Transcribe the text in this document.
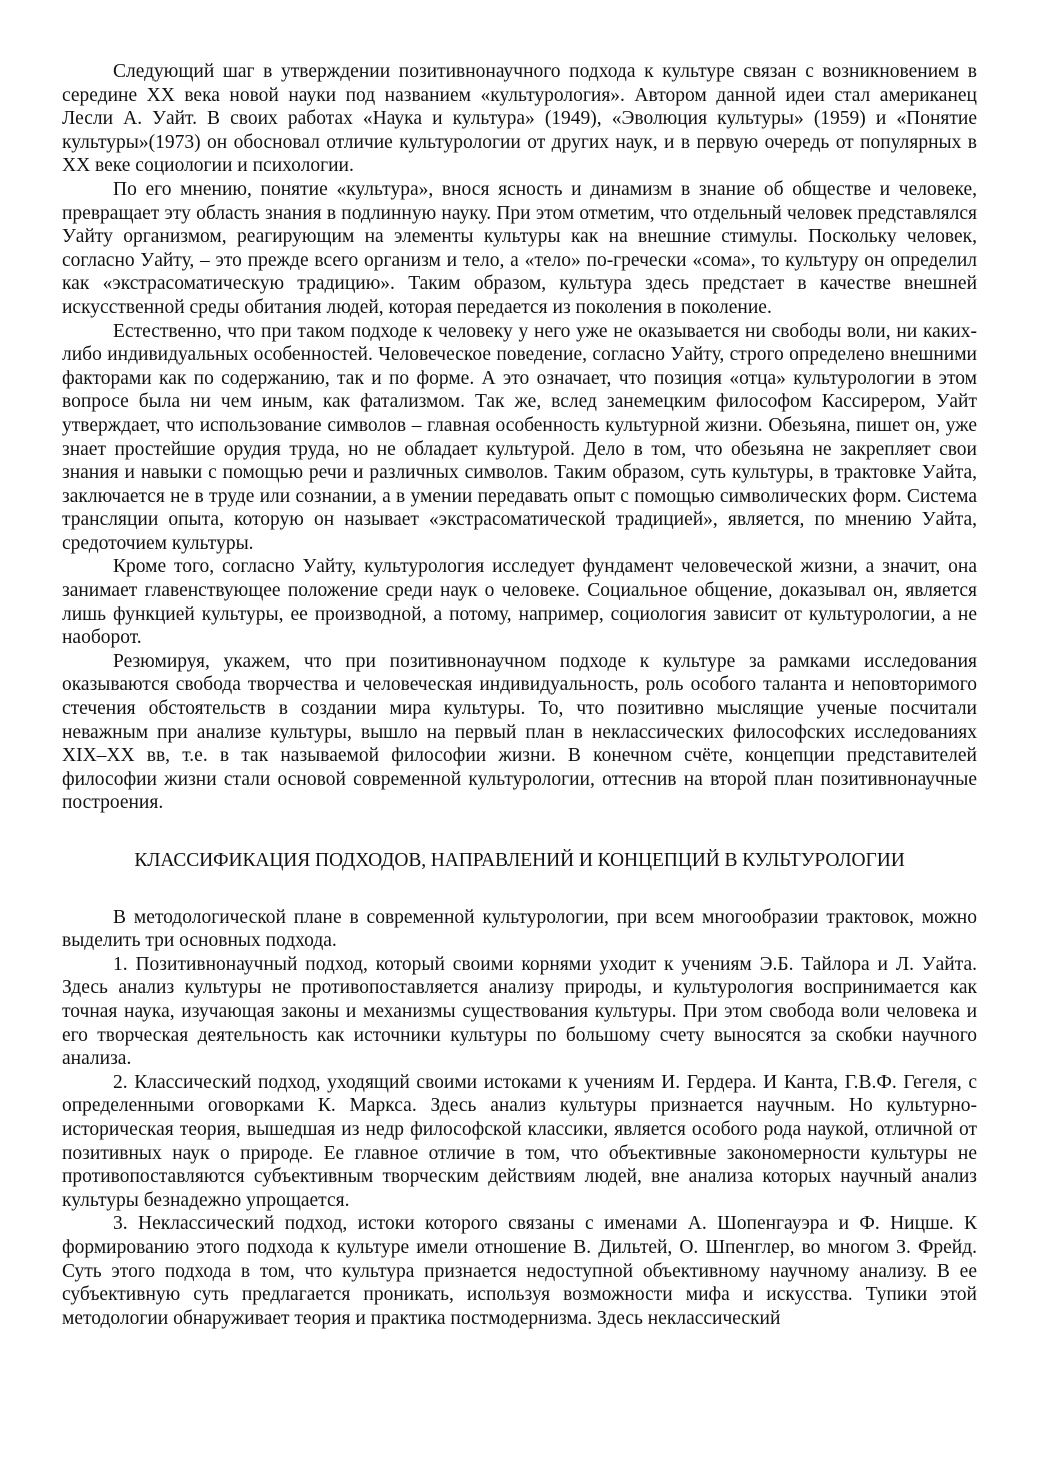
Следующий шаг в утверждении позитивнонаучного подхода к культуре связан с возникновением в середине XX века новой науки под названием «культурология». Автором данной идеи стал американец Лесли А. Уайт. В своих работах «Наука и культура» (1949), «Эволюция культуры» (1959) и «Понятие культуры»(1973) он обосновал отличие культурологии от других наук, и в первую очередь от популярных в XX веке социологии и психологии.

По его мнению, понятие «культура», внося ясность и динамизм в знание об обществе и человеке, превращает эту область знания в подлинную науку. При этом отметим, что отдельный человек представлялся Уайту организмом, реагирующим на элементы культуры как на внешние стимулы. Поскольку человек, согласно Уайту, – это прежде всего организм и тело, а «тело» по-гречески «сома», то культуру он определил как «экстрасоматическую традицию». Таким образом, культура здесь предстает в качестве внешней искусственной среды обитания людей, которая передается из поколения в поколение.

Естественно, что при таком подходе к человеку у него уже не оказывается ни свободы воли, ни каких-либо индивидуальных особенностей. Человеческое поведение, согласно Уайту, строго определено внешними факторами как по содержанию, так и по форме. А это означает, что позиция «отца» культурологии в этом вопросе была ни чем иным, как фатализмом. Так же, вслед занемецким философом Кассирером, Уайт утверждает, что использование символов – главная особенность культурной жизни. Обезьяна, пишет он, уже знает простейшие орудия труда, но не обладает культурой. Дело в том, что обезьяна не закрепляет свои знания и навыки с помощью речи и различных символов. Таким образом, суть культуры, в трактовке Уайта, заключается не в труде или сознании, а в умении передавать опыт с помощью символических форм. Система трансляции опыта, которую он называет «экстрасоматической традицией», является, по мнению Уайта, средоточием культуры.

Кроме того, согласно Уайту, культурология исследует фундамент человеческой жизни, а значит, она занимает главенствующее положение среди наук о человеке. Социальное общение, доказывал он, является лишь функцией культуры, ее производной, а потому, например, социология зависит от культурологии, а не наоборот.

Резюмируя, укажем, что при позитивнонаучном подходе к культуре за рамками исследования оказываются свобода творчества и человеческая индивидуальность, роль особого таланта и неповторимого стечения обстоятельств в создании мира культуры. То, что позитивно мыслящие ученые посчитали неважным при анализе культуры, вышло на первый план в неклассических философских исследованиях XIX–XX вв, т.е. в так называемой философии жизни. В конечном счёте, концепции представителей философии жизни стали основой современной культурологии, оттеснив на второй план позитивнонаучные построения.

КЛАССИФИКАЦИЯ ПОДХОДОВ, НАПРАВЛЕНИЙ И КОНЦЕПЦИЙ В КУЛЬТУРОЛОГИИ

В методологической плане в современной культурологии, при всем многообразии трактовок, можно выделить три основных подхода.

1. Позитивнонаучный подход, который своими корнями уходит к учениям Э.Б. Тайлора и Л. Уайта. Здесь анализ культуры не противопоставляется анализу природы, и культурология воспринимается как точная наука, изучающая законы и механизмы существования культуры. При этом свобода воли человека и его творческая деятельность как источники культуры по большому счету выносятся за скобки научного анализа.

2. Классический подход, уходящий своими истоками к учениям И. Гердера. И Канта, Г.В.Ф. Гегеля, с определенными оговорками К. Маркса. Здесь анализ культуры признается научным. Но культурно-историческая теория, вышедшая из недр философской классики, является особого рода наукой, отличной от позитивных наук о природе. Ее главное отличие в том, что объективные закономерности культуры не противопоставляются субъективным творческим действиям людей, вне анализа которых научный анализ культуры безнадежно упрощается.

3. Неклассический подход, истоки которого связаны с именами А. Шопенгауэра и Ф. Ницше. К формированию этого подхода к культуре имели отношение В. Дильтей, О. Шпенглер, во многом З. Фрейд. Суть этого подхода в том, что культура признается недоступной объективному научному анализу. В ее субъективную суть предлагается проникать, используя возможности мифа и искусства. Тупики этой методологии обнаруживает теория и практика постмодернизма. Здесь неклассический
